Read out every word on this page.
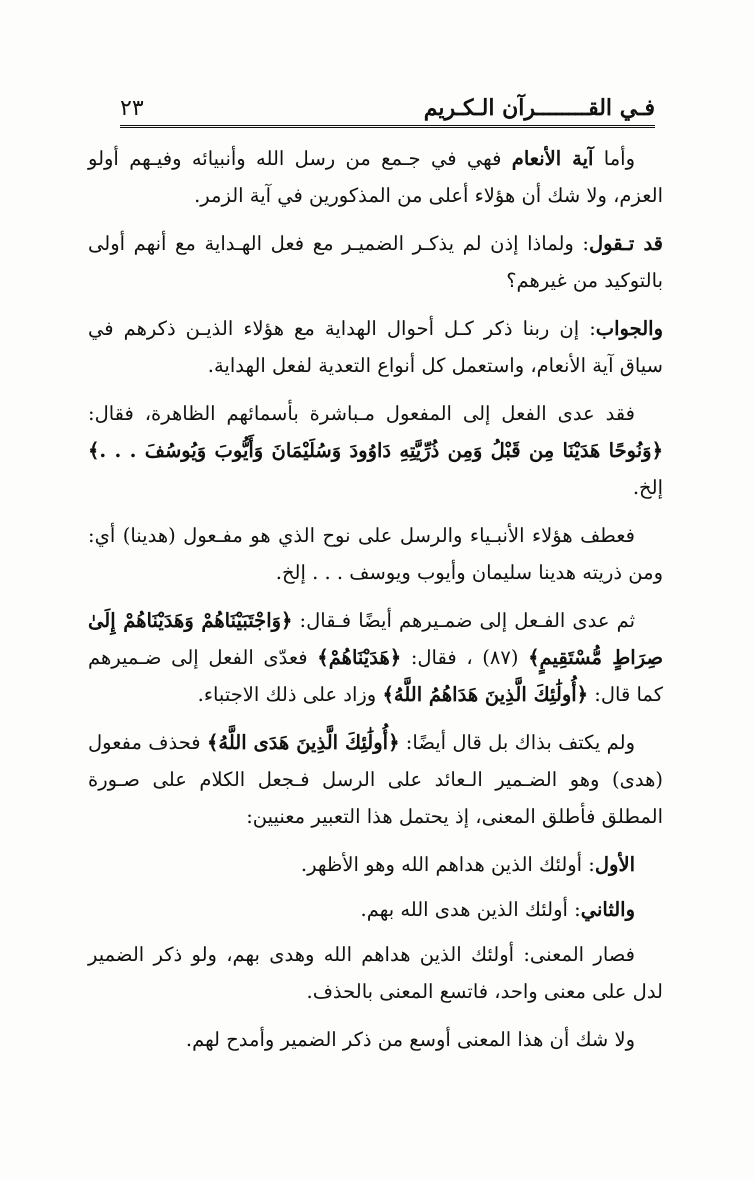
فـي القــــــــرآن الـكـريم
٢٣

وأما آية الأنعام فهي في جـمع من رسل الله وأنبيائه وفيـهم أولو العزم، ولا شك أن هؤلاء أعلى من المذكورين في آية الزمر.

قد تـقول: ولماذا إذن لم يذكـر الضميـر مع فعل الهـداية مع أنهم أولى بالتوكيد من غيرهم؟

والجواب: إن ربنا ذكر كـل أحوال الهداية مع هؤلاء الذيـن ذكرهم في سياق آية الأنعام، واستعمل كل أنواع التعدية لفعل الهداية.

فقد عدى الفعل إلى المفعول مـباشرة بأسمائهم الظاهرة، فقال: ﴿وَنُوحًا هَدَيْنَا مِن قَبْلُ وَمِن ذُرِّيَّتِهِ دَاوُودَ وَسُلَيْمَانَ وَأَيُّوبَ وَيُوسُفَ . . .﴾ إلخ.

فعطف هؤلاء الأنبـياء والرسل على نوح الذي هو مفـعول (هدينا) أي: ومن ذريته هدينا سليمان وأيوب ويوسف . . . إلخ.

ثم عدى الفـعل إلى ضمـيرهم أيضًا فـقال: ﴿وَاجْتَبَيْنَاهُمْ وَهَدَيْنَاهُمْ إِلَىٰ صِرَاطٍ مُّسْتَقِيمٍ﴾ (٨٧) ، فقال: ﴿هَدَيْنَاهُمْ﴾ فعدّى الفعل إلى ضـميرهم كما قال: ﴿أُولَٰئِكَ الَّذِينَ هَدَاهُمُ اللَّهُ﴾ وزاد على ذلك الاجتباء.

ولم يكتف بذاك بل قال أيضًا: ﴿أُولَٰئِكَ الَّذِينَ هَدَى اللَّهُ﴾ فحذف مفعول (هدى) وهو الضـمير الـعائد على الرسل فـجعل الكلام على صـورة المطلق فأطلق المعنى، إذ يحتمل هذا التعبير معنيين:

الأول: أولئك الذين هداهم الله وهو الأظهر.

والثاني: أولئك الذين هدى الله بهم.

فصار المعنى: أولئك الذين هداهم الله وهدى بهم، ولو ذكر الضمير لدل على معنى واحد، فاتسع المعنى بالحذف.

ولا شك أن هذا المعنى أوسع من ذكر الضمير وأمدح لهم.
